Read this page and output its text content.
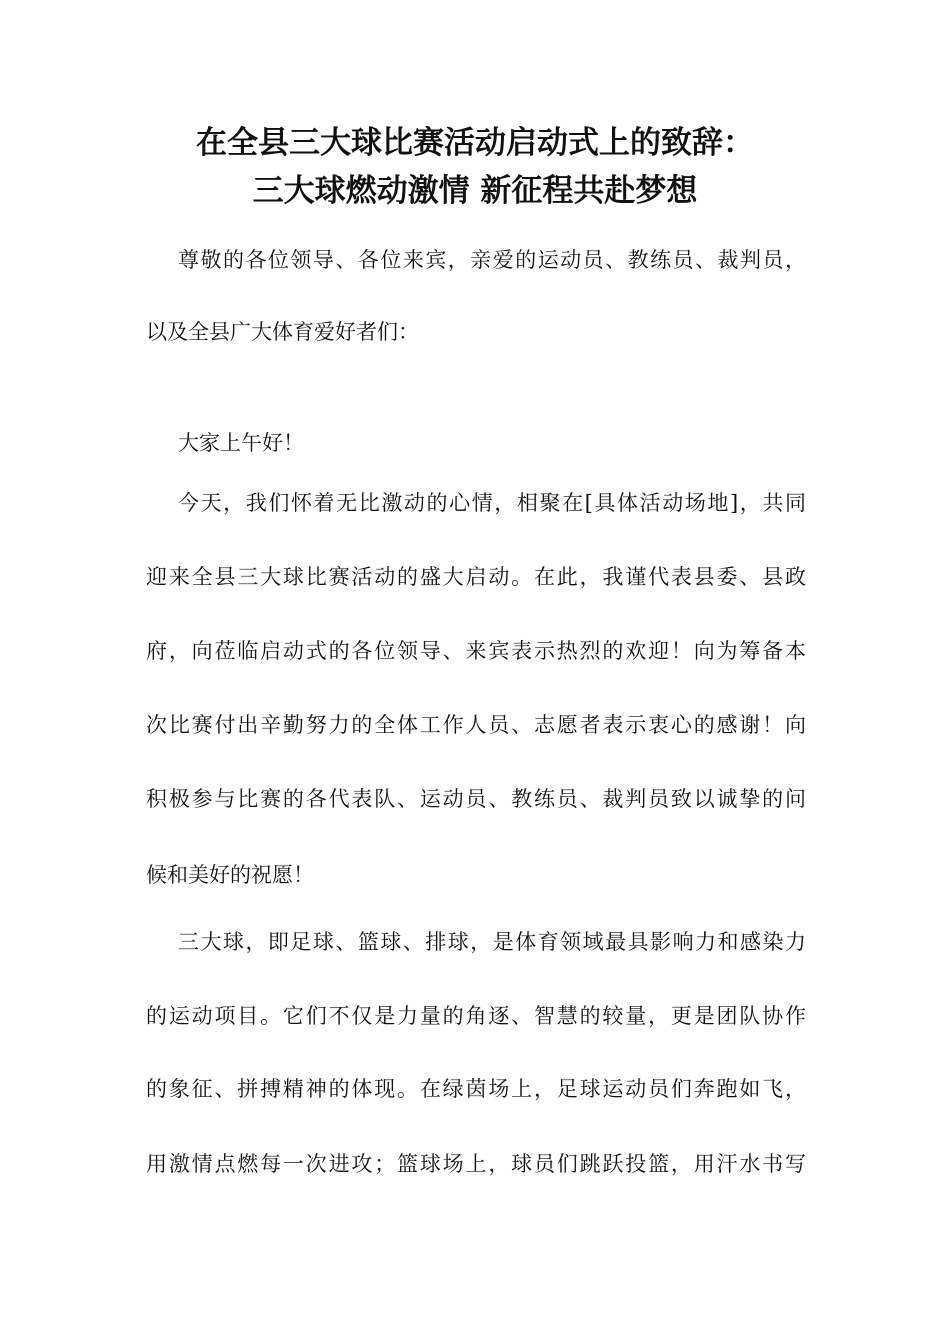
在全县三大球比赛活动启动式上的致辞：
三大球燃动激情 新征程共赴梦想
尊敬的各位领导、各位来宾，亲爱的运动员、教练员、裁判员，
以及全县广大体育爱好者们：
大家上午好！
今天，我们怀着无比激动的心情，相聚在[具体活动场地]，共同
迎来全县三大球比赛活动的盛大启动。在此，我谨代表县委、县政
府，向莅临启动式的各位领导、来宾表示热烈的欢迎！向为筹备本
次比赛付出辛勤努力的全体工作人员、志愿者表示衷心的感谢！向
积极参与比赛的各代表队、运动员、教练员、裁判员致以诚挚的问
候和美好的祝愿！
三大球，即足球、篮球、排球，是体育领域最具影响力和感染力
的运动项目。它们不仅是力量的角逐、智慧的较量，更是团队协作
的象征、拼搏精神的体现。在绿茵场上，足球运动员们奔跑如飞，
用激情点燃每一次进攻；篮球场上，球员们跳跃投篮，用汗水书写
